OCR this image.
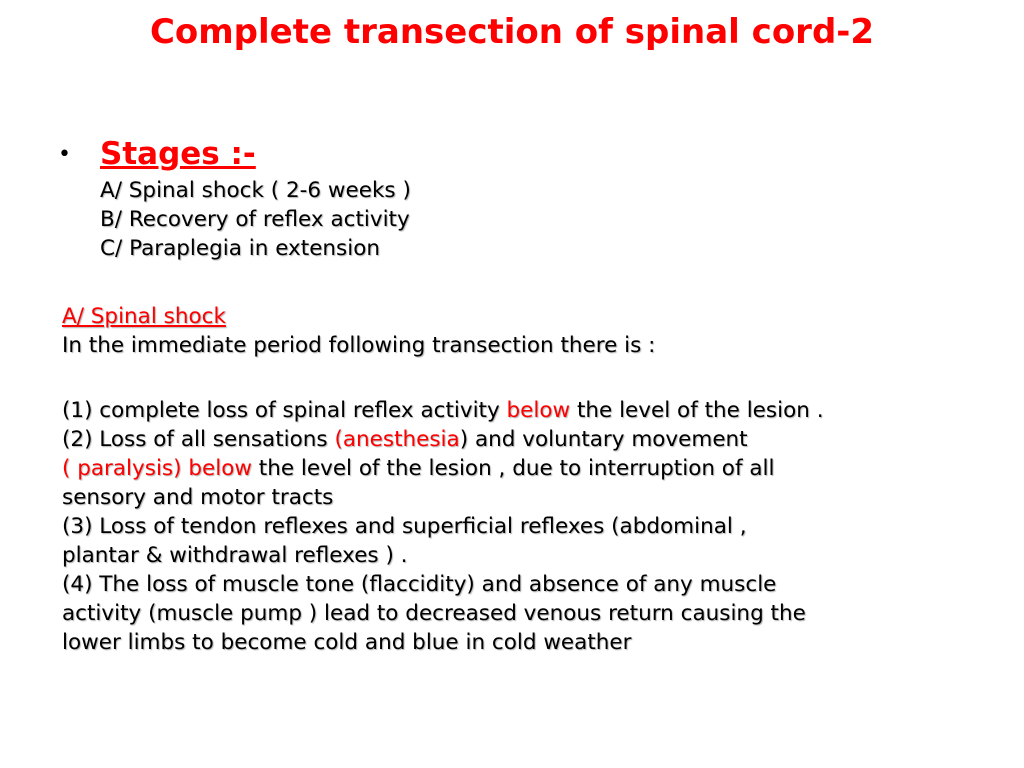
Complete transection of spinal cord-2
• Stages :-
A/ Spinal shock ( 2-6 weeks )
B/ Recovery of reflex activity
C/ Paraplegia in extension
A/ Spinal shock
In the immediate period following transection there is :
(1) complete loss of spinal reflex activity below the level of the lesion .
(2) Loss of all sensations (anesthesia) and voluntary movement
( paralysis) below the level of the lesion , due to interruption of all
sensory and motor tracts
(3) Loss of tendon reflexes and superficial reflexes (abdominal ,
plantar & withdrawal reflexes ) .
(4) The loss of muscle tone (flaccidity) and absence of any muscle
activity (muscle pump ) lead to decreased venous return causing the
lower limbs to become cold and blue in cold weather
